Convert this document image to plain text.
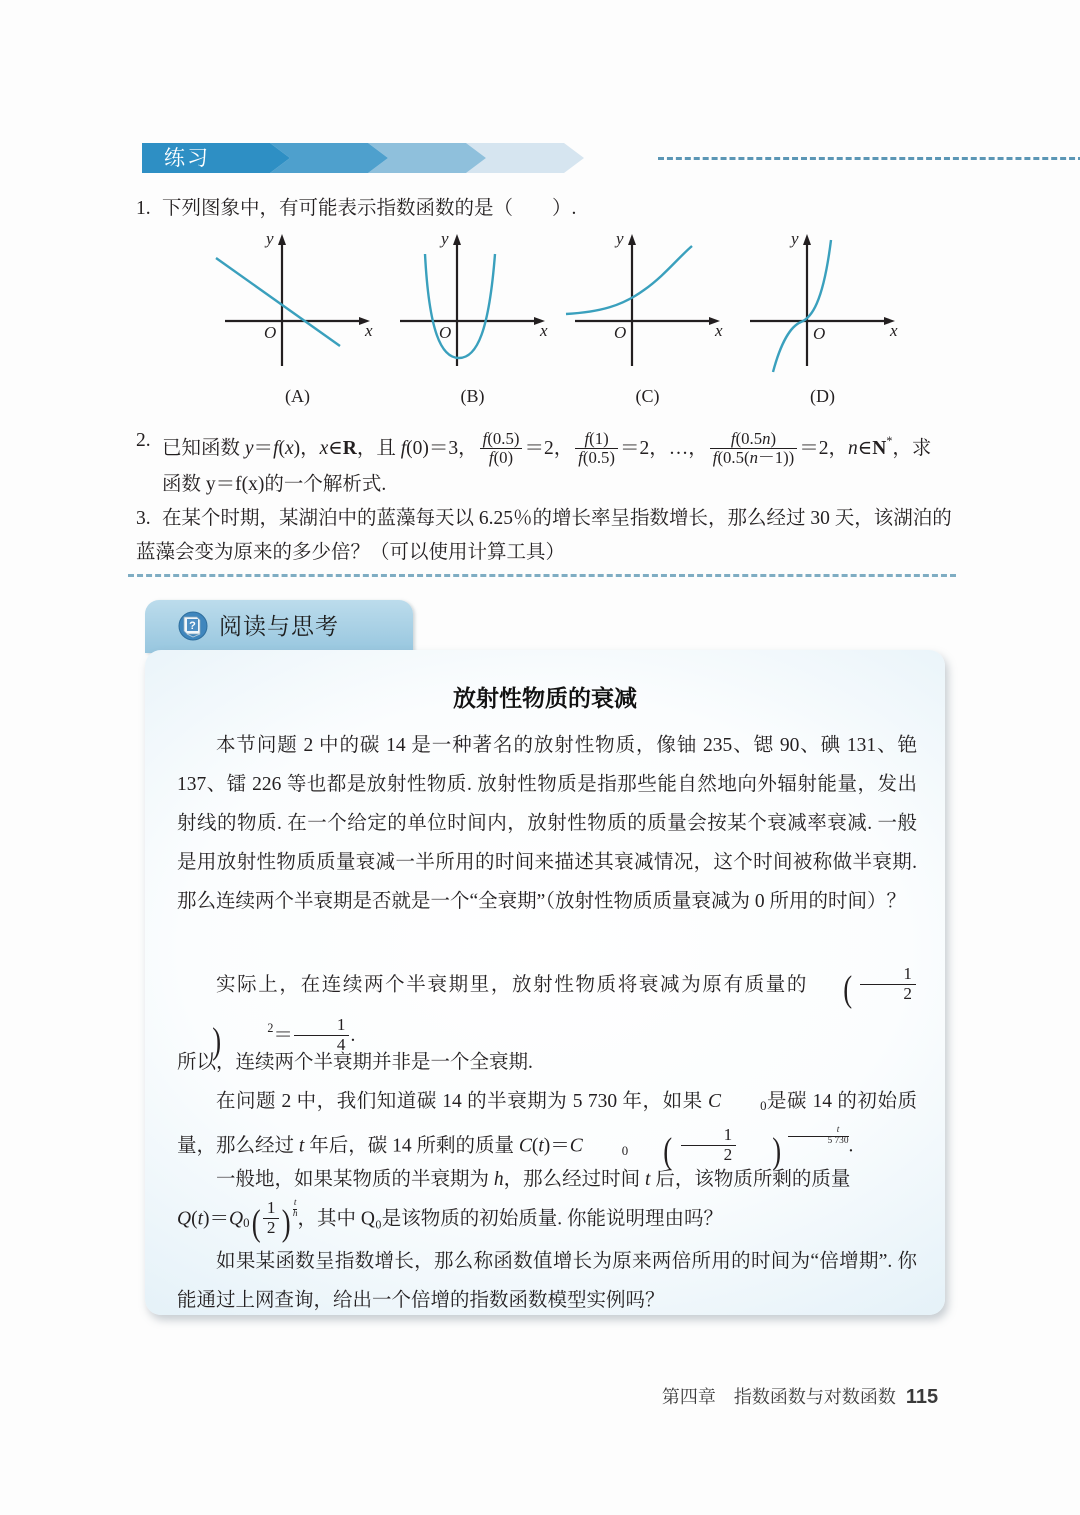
练习
1. 下列图象中，有可能表示指数函数的是（　　）.
O	x
y
(A)
O	x
y
(B)
O	x
y
(C)
O	x
y
(D)
2. 已知函数 y＝f(x)，x∈R，且 f(0)＝3， $\frac{f(0.5)}{f(0)} =2$， $\frac{f(1)}{f(0.5)} =2$，…， $\frac{f(0.5n)}{f(0.5(n-1))} =2$，n∈N*，求
函数 y＝f(x)的一个解析式.
3. 在某个时期，某湖泊中的蓝藻每天以 6.25％的增长率呈指数增长，那么经过 30 天，该湖泊的蓝藻会变为原来的多少倍？（可以使用计算工具）
? 阅读与思考
放射性物质的衰减
本节问题 2 中的碳 14 是一种著名的放射性物质，像铀 235、锶 90、碘 131、铯 137、镭 226 等也都是放射性物质. 放射性物质是指那些能自然地向外辐射能量，发出射线的物质. 在一个给定的单位时间内，放射性物质的质量会按某个衰减率衰减. 一般是用放射性物质质量衰减一半所用的时间来描述其衰减情况，这个时间被称做半衰期. 那么连续两个半衰期是否就是一个“全衰期”（放射性物质质量衰减为 0 所用的时间）？
实际上，在连续两个半衰期里，放射性物质将衰减为原有质量的 ( $\frac{1}{2}$
)	$2= \frac{1}{4}$ .
所以，连续两个半衰期并非是一个全衰期.
在问题 2 中，我们知道碳 14 的半衰期为 5 730 年，如果 C	0是碳 14 的初始质量，那么经过 t 年后，碳 14 所剩的质量 C(t)＝C	0 ( $\frac{1}{2}$ ) $\frac{t}{5 730}$ .
一般地，如果某物质的半衰期为 h，那么经过时间 t 后，该物质所剩的质量
$Q(t)=Q0( \frac{1}{2}$ ) $\frac{t}{h}$ ，其中 Q₀是该物质的初始质量. 你能说明理由吗？
如果某函数呈指数增长，那么称函数值增长为原来两倍所用的时间为“倍增期”. 你能通过上网查询，给出一个倍增的指数函数模型实例吗？
第四章　指数函数与对数函数 115
